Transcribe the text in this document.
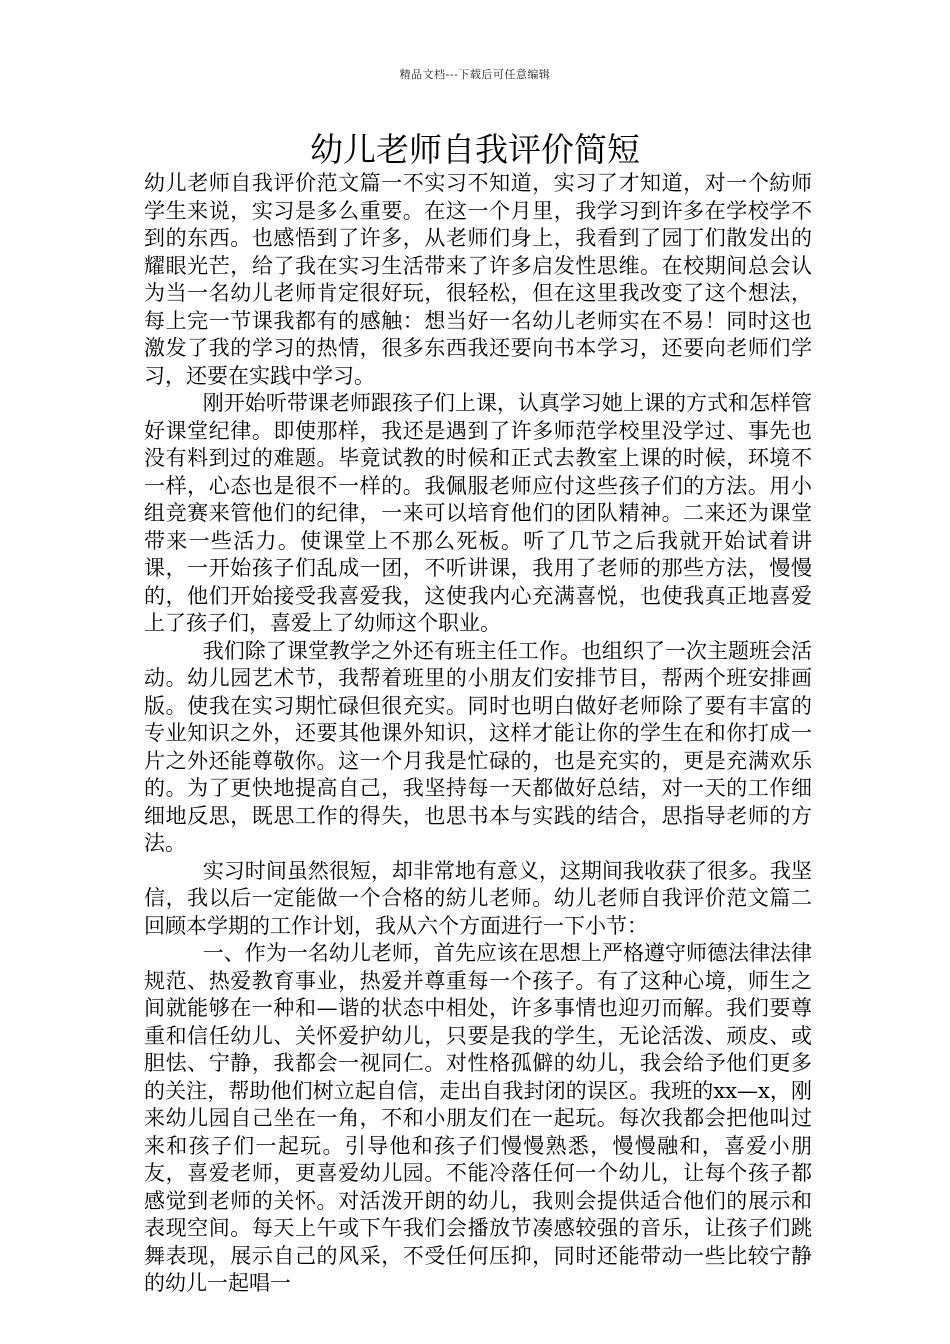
精品文档---下载后可任意编辑
幼儿老师自我评价简短

幼儿老师自我评价范文篇一不实习不知道，实习了才知道，对一个紡师学生来说，实习是多么重要。在这一个月里，我学习到许多在学校学不到的东西。也感悟到了许多，从老师们身上，我看到了园丁们散发出的耀眼光芒，给了我在实习生活带来了许多启发性思维。在校期间总会认为当一名幼儿老师肯定很好玩，很轻松，但在这里我改变了这个想法，每上完一节课我都有的感触：想当好一名幼儿老师实在不易！同时这也激发了我的学习的热情，很多东西我还要向书本学习，还要向老师们学习，还要在实践中学习。

刚开始听带课老师跟孩子们上课，认真学习她上课的方式和怎样管好课堂纪律。即使那样，我还是遇到了许多师范学校里没学过、事先也没有料到过的难题。毕竟试教的时候和正式去教室上课的时候，环境不一样，心态也是很不一样的。我佩服老师应付这些孩子们的方法。用小组竞赛来管他们的纪律，一来可以培育他们的团队精神。二来还为课堂带来一些活力。使课堂上不那么死板。听了几节之后我就开始试着讲课，一开始孩子们乱成一团，不听讲课，我用了老师的那些方法，慢慢的，他们开始接受我喜爱我，这使我内心充满喜悦，也使我真正地喜爱上了孩子们，喜爱上了幼师这个职业。

我们除了课堂教学之外还有班主任工作。也组织了一次主题班会活动。幼儿园艺术节，我帮着班里的小朋友们安排节目，帮两个班安排画版。使我在实习期忙碌但很充实。同时也明白做好老师除了要有丰富的专业知识之外，还要其他课外知识，这样才能让你的学生在和你打成一片之外还能尊敬你。这一个月我是忙碌的，也是充实的，更是充满欢乐的。为了更快地提高自己，我坚持每一天都做好总结，对一天的工作细细地反思，既思工作的得失，也思书本与实践的结合，思指导老师的方法。

实习时间虽然很短，却非常地有意义，这期间我收获了很多。我坚信，我以后一定能做一个合格的紡儿老师。幼儿老师自我评价范文篇二回顾本学期的工作计划，我从六个方面进行一下小节：

一、作为一名幼儿老师，首先应该在思想上严格遵守师德法律法律规范、热爱教育事业，热爱并尊重每一个孩子。有了这种心境，师生之间就能够在一种和—谐的状态中相处，许多事情也迎刃而解。我们要尊重和信任幼儿、关怀爱护幼儿，只要是我的学生，无论活泼、顽皮、或胆怯、宁静，我都会一视同仁。对性格孤僻的幼儿，我会给予他们更多的关注，帮助他们树立起自信，走出自我封闭的误区。我班的xx—x，刚来幼儿园自己坐在一角，不和小朋友们在一起玩。每次我都会把他叫过来和孩子们一起玩。引导他和孩子们慢慢熟悉，慢慢融和，喜爱小朋友，喜爱老师，更喜爱幼儿园。不能冷落任何一个幼儿，让每个孩子都感觉到老师的关怀。对活泼开朗的幼儿，我则会提供适合他们的展示和表现空间。每天上午或下午我们会播放节凑感较强的音乐，让孩子们跳舞表现，展示自己的风采，不受任何压抑，同时还能带动一些比较宁静的幼儿一起唱一
